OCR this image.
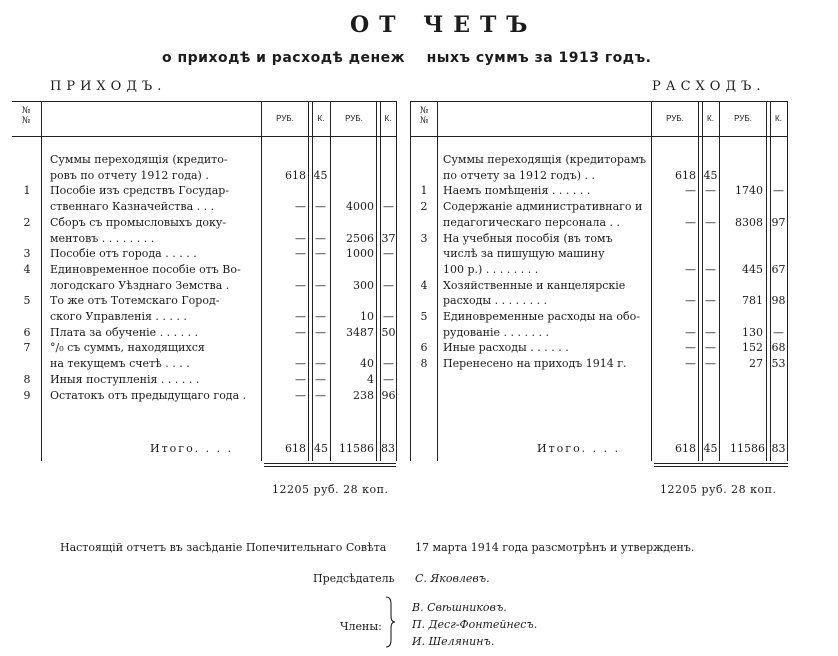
ОТ ЧЕТЪ
о приходѣ и расходѣ денеж    ныхъ суммъ за 1913 годъ.
ПРИХОДЪ.	РАСХОДЪ.
№№	РУБ.	К.	РУБ.	К.
Суммы переходящія (кредито-
ровъ по отчету 1912 года) .	618 45
1	Пособіе изъ средствъ Государ-
ственнаго Казначейства . . .	— —	4000 —
2	Сборъ съ промысловыхъ доку-
ментовъ . . . . . . . .	— —	2506 37
3	Пособіе отъ города . . . . .	— —	1000 —
4	Единовременное пособіе отъ Во-
логодскаго Уѣзднаго Земства .	— —	300 —
5	То же отъ Тотемскаго Город-
ского Управленія . . . . .	— —	10 —
6	Плата за обученіе . . . . . .	— —	3487 50
7	°/₀ съ суммъ, находящихся
на текущемъ счетѣ . . . .	— —	40 —
8	Иныя поступленія . . . . . .	— —	4 —
9	Остатокъ отъ предыдущаго года .	— —	238 96
Итого. . . .	618 45	11586 83
12205 руб. 28 коп.
№№	РУБ.	К.	РУБ.	К.
Суммы переходящія (кредиторамъ
по отчету за 1912 годъ) . .	618 45
1	Наемъ помѣщенія . . . . . .	— —	1740 —
2	Содержаніе административнаго и
педагогическаго персонала . .	— —	8308 97
3	На учебныя пособія (въ томъ
числѣ за пишущую машину
100 р.) . . . . . . . .	— —	445 67
4	Хозяйственные и канцелярскіе
расходы . . . . . . . .	— —	781 98
5	Единовременные расходы на обо-
рудованіе . . . . . . .	— —	130 —
6	Иные расходы . . . . . .	— —	152 68
8	Перенесено на приходъ 1914 г.	— —	27 53
Итого. . . .	618 45	11586 83
12205 руб. 28 коп.
Настоящій отчетъ въ засѣданіе Попечительнаго Совѣта	17 марта 1914 года разсмотрѣнъ и утвержденъ.
Предсѣдатель С. Яковлевъ.
Члены:
В. Свѣшниковъ.
П. Десг-Фонтейнесъ.
И. Шелянинъ.
